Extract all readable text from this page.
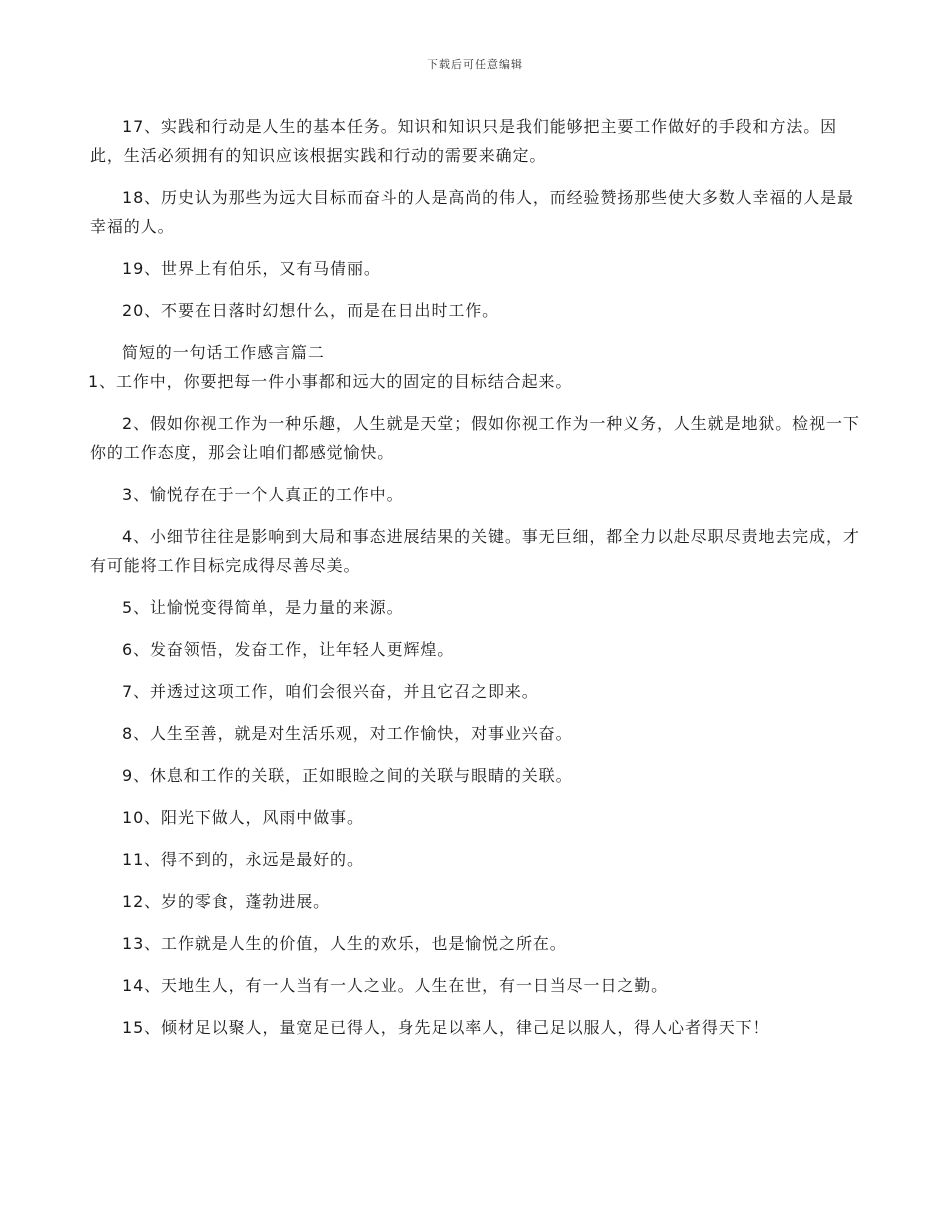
下载后可任意编辑

17、实践和行动是人生的基本任务。知识和知识只是我们能够把主要工作做好的手段和方法。因此，生活必须拥有的知识应该根据实践和行动的需要来确定。

18、历史认为那些为远大目标而奋斗的人是高尚的伟人，而经验赞扬那些使大多数人幸福的人是最幸福的人。

19、世界上有伯乐，又有马倩丽。

20、不要在日落时幻想什么，而是在日出时工作。

简短的一句话工作感言篇二

1、工作中，你要把每一件小事都和远大的固定的目标结合起来。

2、假如你视工作为一种乐趣，人生就是天堂；假如你视工作为一种义务，人生就是地狱。检视一下你的工作态度，那会让咱们都感觉愉快。

3、愉悦存在于一个人真正的工作中。

4、小细节往往是影响到大局和事态进展结果的关键。事无巨细，都全力以赴尽职尽责地去完成，才有可能将工作目标完成得尽善尽美。

5、让愉悦变得简单，是力量的来源。

6、发奋领悟，发奋工作，让年轻人更辉煌。

7、并透过这项工作，咱们会很兴奋，并且它召之即来。

8、人生至善，就是对生活乐观，对工作愉快，对事业兴奋。

9、休息和工作的关联，正如眼睑之间的关联与眼睛的关联。

10、阳光下做人，风雨中做事。

11、得不到的，永远是最好的。

12、岁的零食，蓬勃进展。

13、工作就是人生的价值，人生的欢乐，也是愉悦之所在。

14、天地生人，有一人当有一人之业。人生在世，有一日当尽一日之勤。

15、倾材足以聚人，量宽足已得人，身先足以率人，律己足以服人，得人心者得天下！
